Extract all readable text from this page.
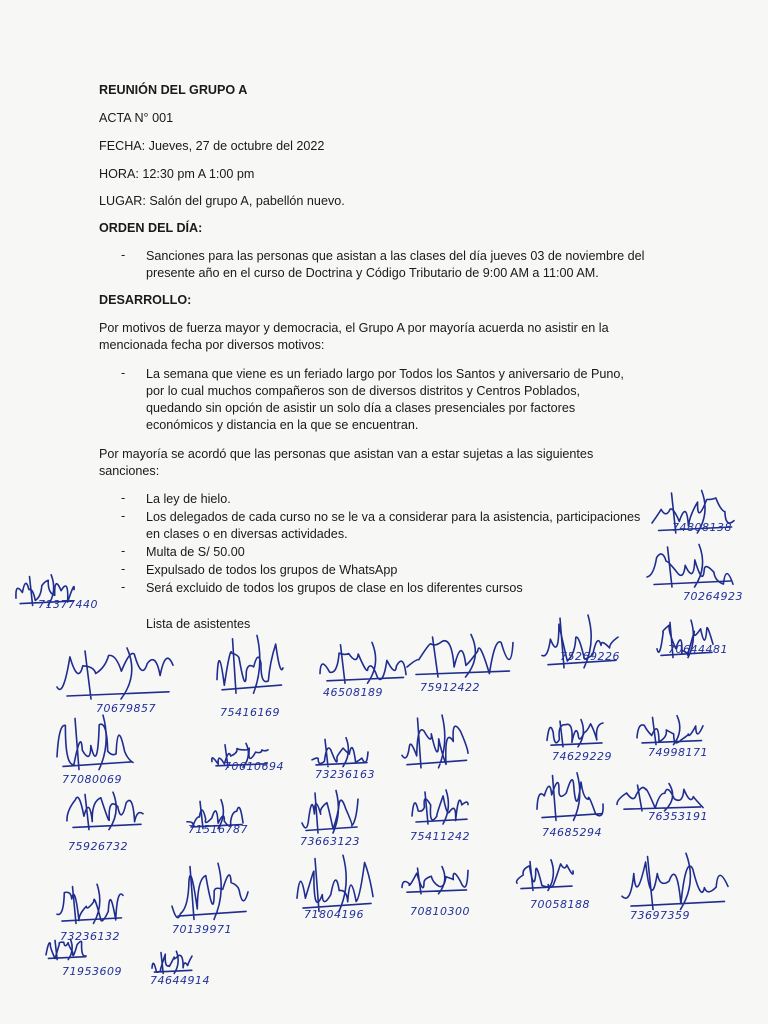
REUNIÓN DEL GRUPO A
ACTA N° 001
FECHA: Jueves, 27 de octubre del 2022
HORA: 12:30 pm A 1:00 pm
LUGAR: Salón del grupo A, pabellón nuevo.
ORDEN DEL DÍA:
- Sanciones para las personas que asistan a las clases del día jueves 03 de noviembre del
presente año en el curso de Doctrina y Código Tributario de 9:00 AM a 11:00 AM.
DESARROLLO:
Por motivos de fuerza mayor y democracia, el Grupo A por mayoría acuerda no asistir en la
mencionada fecha por diversos motivos:
- La semana que viene es un feriado largo por Todos los Santos y aniversario de Puno,
por lo cual muchos compañeros son de diversos distritos y Centros Poblados,
quedando sin opción de asistir un solo día a clases presenciales por factores
económicos y distancia en la que se encuentran.
Por mayoría se acordó que las personas que asistan van a estar sujetas a las siguientes
sanciones:
- La ley de hielo.
- Los delegados de cada curso no se le va a considerar para la asistencia, participaciones
en clases o en diversas actividades.
- Multa de S/ 50.00
- Expulsado de todos los grupos de WhatsApp
- Será excluido de todos los grupos de clase en los diferentes cursos
Lista de asistentes
71377440
74808138
70264923
70679857	75416169
46508189	75912422
75269226
70644481
77080069
70610694
73236163
74629229	74998171
75926732
71516787
73663123	75411242	74685294
76353191
73236132
70139971
71804196	70810300
70058188
73697359
71953609
74644914
